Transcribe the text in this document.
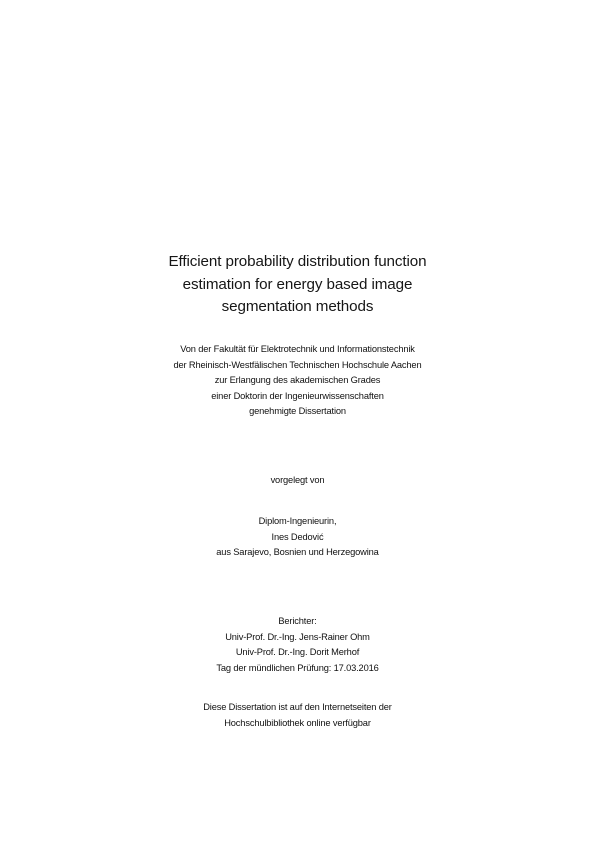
Efficient probability distribution function
estimation for energy based image
segmentation methods
Von der Fakultät für Elektrotechnik und Informationstechnik
der Rheinisch-Westfälischen Technischen Hochschule Aachen
zur Erlangung des akademischen Grades
einer Doktorin der Ingenieurwissenschaften
genehmigte Dissertation
vorgelegt von
Diplom-Ingenieurin,
Ines Dedović
aus Sarajevo, Bosnien und Herzegowina
Berichter:
Univ-Prof. Dr.-Ing. Jens-Rainer Ohm
Univ-Prof. Dr.-Ing. Dorit Merhof
Tag der mündlichen Prüfung: 17.03.2016
Diese Dissertation ist auf den Internetseiten der
Hochschulbibliothek online verfügbar
